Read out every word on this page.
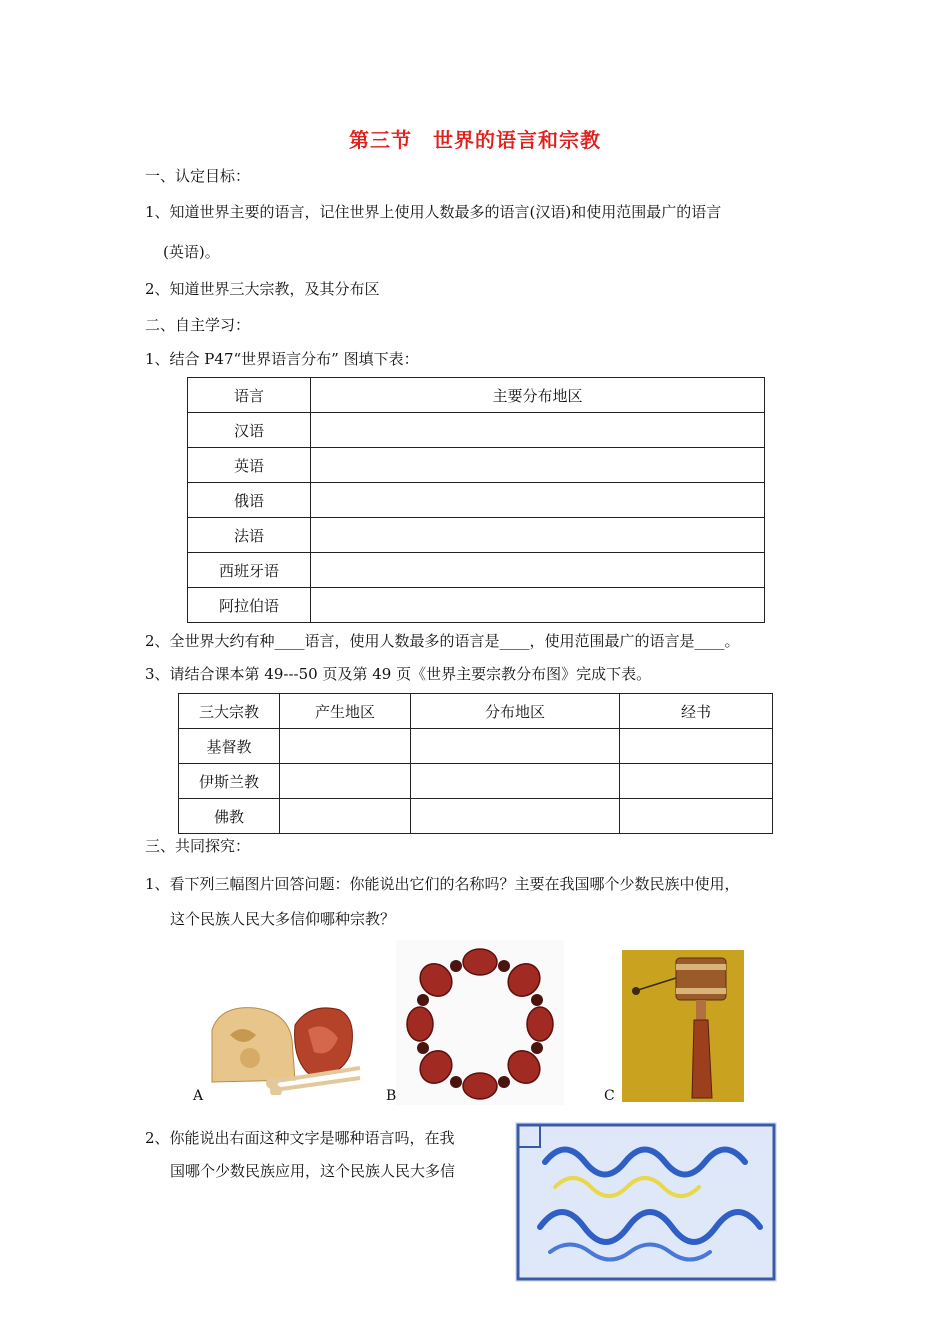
第三节　世界的语言和宗教
一、认定目标：
1、知道世界主要的语言，记住世界上使用人数最多的语言(汉语)和使用范围最广的语言
(英语)。
2、知道世界三大宗教，及其分布区
二、自主学习：
1、结合 P47“世界语言分布” 图填下表：
语言	主要分布地区
汉语	
英语	
俄语	
法语	
西班牙语	
阿拉伯语	
2、全世界大约有种____语言，使用人数最多的语言是____，使用范围最广的语言是____。
3、请结合课本第 49---50 页及第 49 页《世界主要宗教分布图》完成下表。
三大宗教	产生地区	分布地区	经书
基督教			
伊斯兰教			
佛教			
三、共同探究：
1、看下列三幅图片回答问题：你能说出它们的名称吗？主要在我国哪个少数民族中使用，
这个民族人民大多信仰哪种宗教？
A	B	C
2、你能说出右面这种文字是哪种语言吗，在我
国哪个少数民族应用，这个民族人民大多信
